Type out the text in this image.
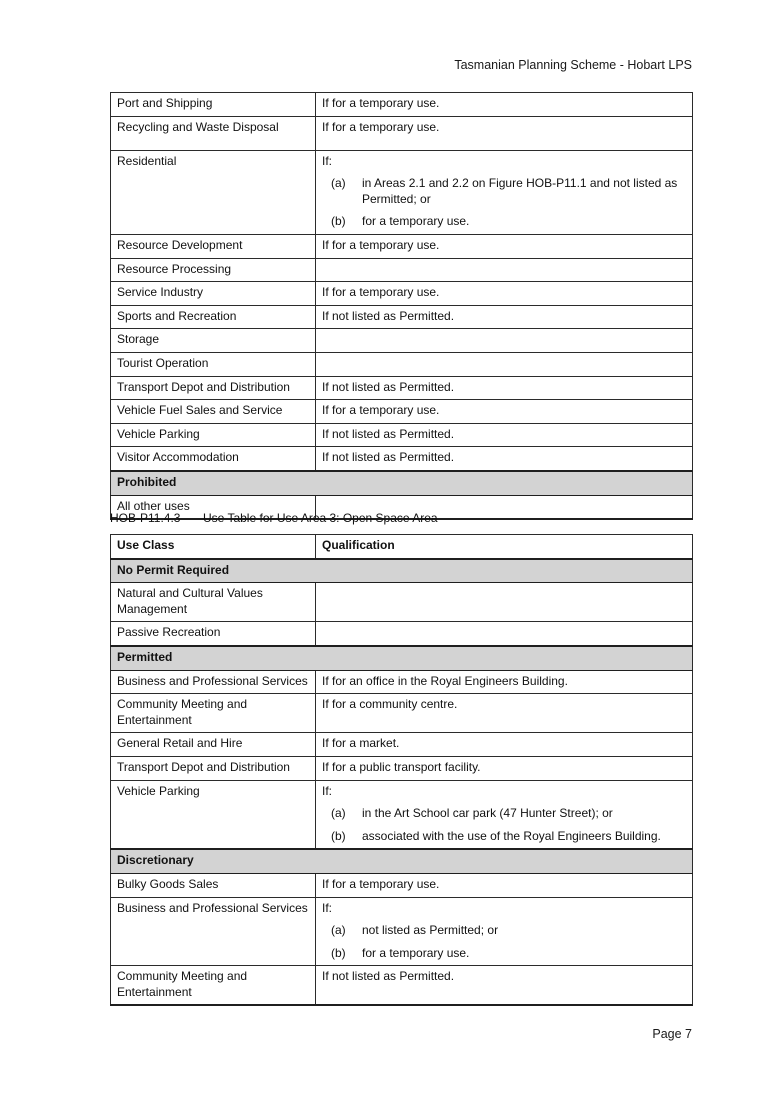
Tasmanian Planning Scheme - Hobart LPS
Port and Shipping	If for a temporary use.
Recycling and Waste Disposal	If for a temporary use.
Residential	If:
(a) in Areas 2.1 and 2.2 on Figure HOB-P11.1 and not listed as Permitted; or
(b) for a temporary use.

Resource Development	If for a temporary use.
Resource Processing	
Service Industry	If for a temporary use.
Sports and Recreation	If not listed as Permitted.
Storage	
Tourist Operation	
Transport Depot and Distribution	If not listed as Permitted.
Vehicle Fuel Sales and Service	If for a temporary use.
Vehicle Parking	If not listed as Permitted.
Visitor Accommodation	If not listed as Permitted.
Prohibited	
All other uses	
HOB-P11.4.3 Use Table for Use Area 3: Open Space Area
Use Class	Qualification
No Permit Required	
Natural and Cultural Values Management	
Passive Recreation	
Permitted	
Business and Professional Services	If for an office in the Royal Engineers Building.
Community Meeting and Entertainment	If for a community centre.
General Retail and Hire	If for a market.
Transport Depot and Distribution	If for a public transport facility.
Vehicle Parking	If:
(a) in the Art School car park (47 Hunter Street); or
(b) associated with the use of the Royal Engineers Building.

Discretionary	
Bulky Goods Sales	If for a temporary use.
Business and Professional Services	If:
(a) not listed as Permitted; or
(b) for a temporary use.

Community Meeting and Entertainment	If not listed as Permitted.
Page 7
